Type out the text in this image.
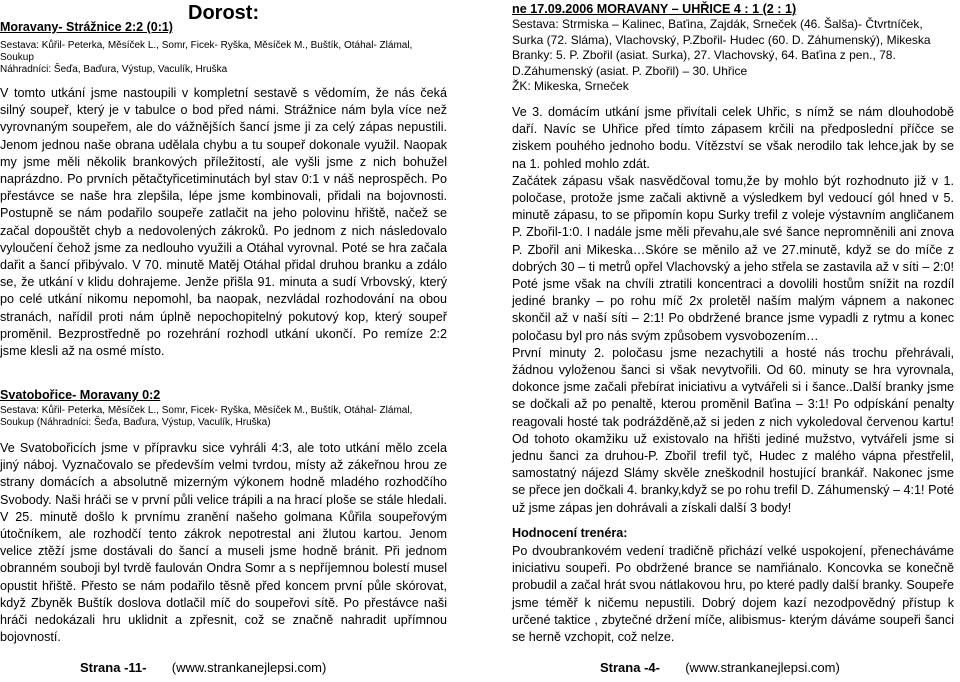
Dorost:
Moravany- Strážnice 2:2 (0:1)
Sestava: Kůřil- Peterka, Měsíček L., Somr, Ficek- Ryška, Měsíček M., Buštík, Otáhal- Zlámal, Soukup
Náhradníci: Šeďa, Baďura, Výstup, Vaculík, Hruška
V tomto utkání jsme nastoupili v kompletní sestavě s vědomím, že nás čeká silný soupeř, který je v tabulce o bod před námi. Strážnice nám byla více než vyrovnaným soupeřem, ale do vážnějších šancí jsme ji za celý zápas nepustili. Jenom jednou naše obrana udělala chybu a tu soupeř dokonale využil. Naopak my jsme měli několik brankových příležitostí, ale vyšli jsme z nich bohužel naprázdno. Po prvních pětačtyřicetiminutách byl stav 0:1 v náš neprospěch. Po přestávce se naše hra zlepšila, lépe jsme kombinovali, přidali na bojovnosti. Postupně se nám podařilo soupeře zatlačit na jeho polovinu hřiště, načež se začal dopouštět chyb a nedovolených zákroků. Po jednom z nich následovalo vyloučení čehož jsme za nedlouho využili a Otáhal vyrovnal. Poté se hra začala dařit a šancí přibývalo. V 70. minutě Matěj Otáhal přidal druhou branku a zdálo se, že utkání v klidu dohrajeme. Jenže přišla 91. minuta a sudí Vrbovský, který po celé utkání nikomu nepomohl, ba naopak, nezvládal rozhodování na obou stranách, nařídil proti nám úplně nepochopitelný pokutový kop, který soupeř proměnil. Bezprostředně po rozehrání rozhodl utkání ukončí. Po remíze 2:2 jsme klesli až na osmé místo.
Svatobořice- Moravany 0:2
Sestava: Kůřil- Peterka, Měsíček L., Somr, Ficek- Ryška, Měsíček M., Buštík, Otáhal- Zlámal, Soukup (Náhradníci: Šeďa, Baďura, Výstup, Vaculík, Hruška)
Ve Svatobořicích jsme v přípravku sice vyhráli 4:3, ale toto utkání mělo zcela jiný náboj. Vyznačovalo se především velmi tvrdou, místy až zákeřnou hrou ze strany domácích a absolutně mizerným výkonem hodně mladého rozhodčího Svobody. Naši hráči se v první půli velice trápili a na hrací ploše se stále hledali. V 25. minutě došlo k prvnímu zranění našeho golmana Kůřila soupeřovým útočníkem, ale rozhodčí tento zákrok nepotrestal ani žlutou kartou. Jenom velice ztěží jsme dostávali do šancí a museli jsme hodně bránit. Při jednom obranném souboji byl tvrdě faulován Ondra Somr a s nepříjemnou bolestí musel opustit hřiště. Přesto se nám podařilo těsně před koncem první půle skórovat, když Zbyněk Buštík doslova dotlačil míč do soupeřovi sítě. Po přestávce naši hráči nedokázali hru uklidnit a zpřesnit, což se značně nahradit upřímnou bojovností.
Strana -11- (www.strankanejlepsi.com)
ne 17.09.2006 MORAVANY – UHŘICE 4 : 1 (2 : 1)
Sestava: Strmiska – Kalinec, Baťina, Zajdák, Srneček (46. Šalša)- Čtvrtníček, Surka (72. Slámа), Vlachovský, P.Zbořil- Hudec (60. D. Záhumenský), Mikeska
Branky: 5. P. Zbořil (asiat. Surka), 27. Vlachovský, 64. Baťina z pen., 78. D.Záhumenský (asiat. P. Zbořil) – 30. Uhřice
ŽK: Mikeska, Srneček
Ve 3. domácím utkání jsme přivítali celek Uhřic, s nímž se nám dlouhodobě daří. Navíc se Uhřice před tímto zápasem krčili na předposlední příčce se ziskem pouhého jednoho bodu. Vítězství se však nerodilo tak lehce,jak by se na 1. pohled mohlo zdát.
Začátek zápasu však nasvědčoval tomu,že by mohlo být rozhodnuto již v 1. poločase, protože jsme začali aktivně a výsledkem byl vedoucí gól hned v 5. minutě zápasu, to se připomín kopu Surky trefil z voleje výstavním angličanem P. Zbořil-1:0. I nadále jsme měli převahu,ale své šance nepromněnili ani znova P. Zbořil ani Mikeska…Skóre se měnilo až ve 27.minutě, když se do míče z dobrých 30 – ti metrů opřel Vlachovský a jeho střela se zastavila až v síti – 2:0! Poté jsme však na chvíli ztratili koncentraci a dovolili hostům snížit na rozdíl jediné branky – po rohu míč 2x proletěl naším malým vápnem a nakonec skončil až v naší síti – 2:1! Po obdržené brance jsme vypadli z rytmu a konec poločasu byl pro nás svým způsobem vysvobozením…
První minuty 2. poločasu jsme nezachytili a hosté nás trochu přehrávali, žádnou vyloženou šanci si však nevytvořili. Od 60. minuty se hra vyrovnala, dokonce jsme začali přebírat iniciativu a vytvářeli si i šance..Další branky jsme se dočkali až po penaltě, kterou proměnil Baťina – 3:1! Po odpískání penalty reagovali hosté tak podrážděně,až si jeden z nich vykoledoval červenou kartu! Od tohoto okamžiku už existovalo na hřišti jediné mužstvo, vytvářeli jsme si jednu šanci za druhou-P. Zbořil trefil tyč, Hudec z malého vápna přestřelil, samostatný nájezd Slámy skvěle zneškodnil hostující brankář. Nakonec jsme se přece jen dočkali 4. branky,když se po rohu trefil D. Záhumenský – 4:1! Poté už jsme zápas jen dohrávali a získali další 3 body!
Hodnocení trenéra:
Po dvoubrankovém vedení tradičně přichází velké uspokojení, přenecháváme iniciativu soupeři. Po obdržené brance se namřiánalo. Koncovka se konečně probudil a začal hrát svou nátlakovou hru, po které padly další branky. Soupeře jsme téměř k ničemu nepustili. Dobrý dojem kazí nezodpovědný přístup k určené taktice , zbytečné držení míče, alibismus- kterým dáváme soupeři šanci se herně vzchopit, což nelze.
Strana -4- (www.strankanejlepsi.com)
